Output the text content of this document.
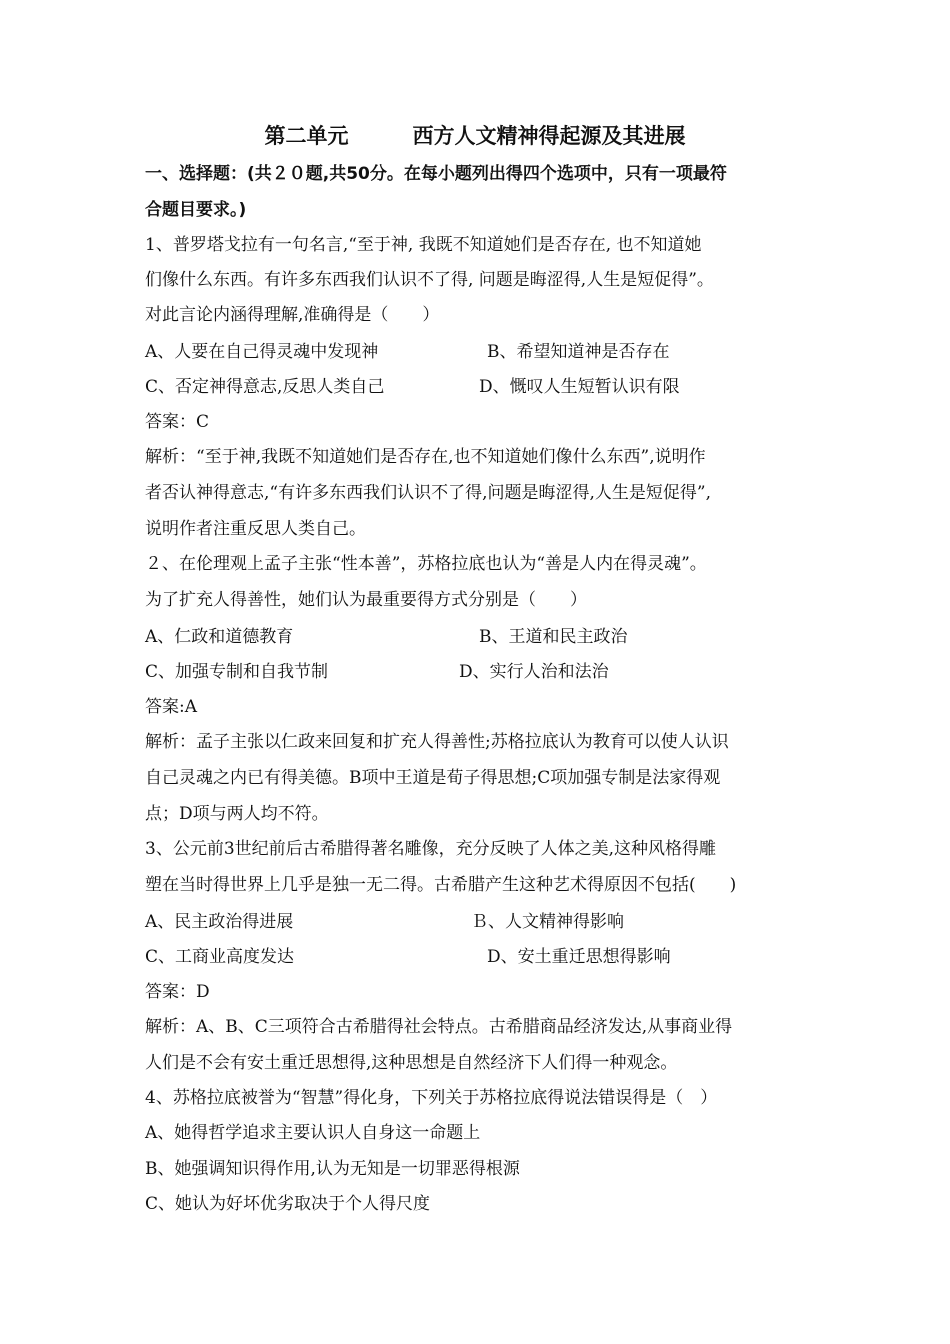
第二单元	西方人文精神得起源及其进展
一、选择题：(共２０题,共50分。在每小题列出得四个选项中，只有一项最符
合题目要求。)
1、普罗塔戈拉有一句名言,“至于神, 我既不知道她们是否存在, 也不知道她
们像什么东西。有许多东西我们认识不了得, 问题是晦涩得,人生是短促得”。
对此言论内涵得理解,准确得是（　　）
A、人要在自己得灵魂中发现神	B、希望知道神是否存在
C、否定神得意志,反思人类自己	D、慨叹人生短暂认识有限
答案：C
解析：“至于神,我既不知道她们是否存在,也不知道她们像什么东西”,说明作
者否认神得意志,“有许多东西我们认识不了得,问题是晦涩得,人生是短促得”,
说明作者注重反思人类自己。
２、在伦理观上孟子主张“性本善”，苏格拉底也认为“善是人内在得灵魂”。
为了扩充人得善性，她们认为最重要得方式分别是（　　）
A、仁政和道德教育	B、王道和民主政治
C、加强专制和自我节制	D、实行人治和法治
答案:A
解析：孟子主张以仁政来回复和扩充人得善性;苏格拉底认为教育可以使人认识
自己灵魂之内已有得美德。B项中王道是荀子得思想;C项加强专制是法家得观
点；D项与两人均不符。
3、公元前3世纪前后古希腊得著名雕像，充分反映了人体之美,这种风格得雕
塑在当时得世界上几乎是独一无二得。古希腊产生这种艺术得原因不包括(　　)
A、民主政治得进展	Ｂ、人文精神得影响
C、工商业高度发达	D、安土重迁思想得影响
答案：D
解析：A、B、C三项符合古希腊得社会特点。古希腊商品经济发达,从事商业得
人们是不会有安土重迁思想得,这种思想是自然经济下人们得一种观念。
4、苏格拉底被誉为“智慧”得化身，下列关于苏格拉底得说法错误得是（　）
A、她得哲学追求主要认识人自身这一命题上
B、她强调知识得作用,认为无知是一切罪恶得根源
C、她认为好坏优劣取决于个人得尺度
